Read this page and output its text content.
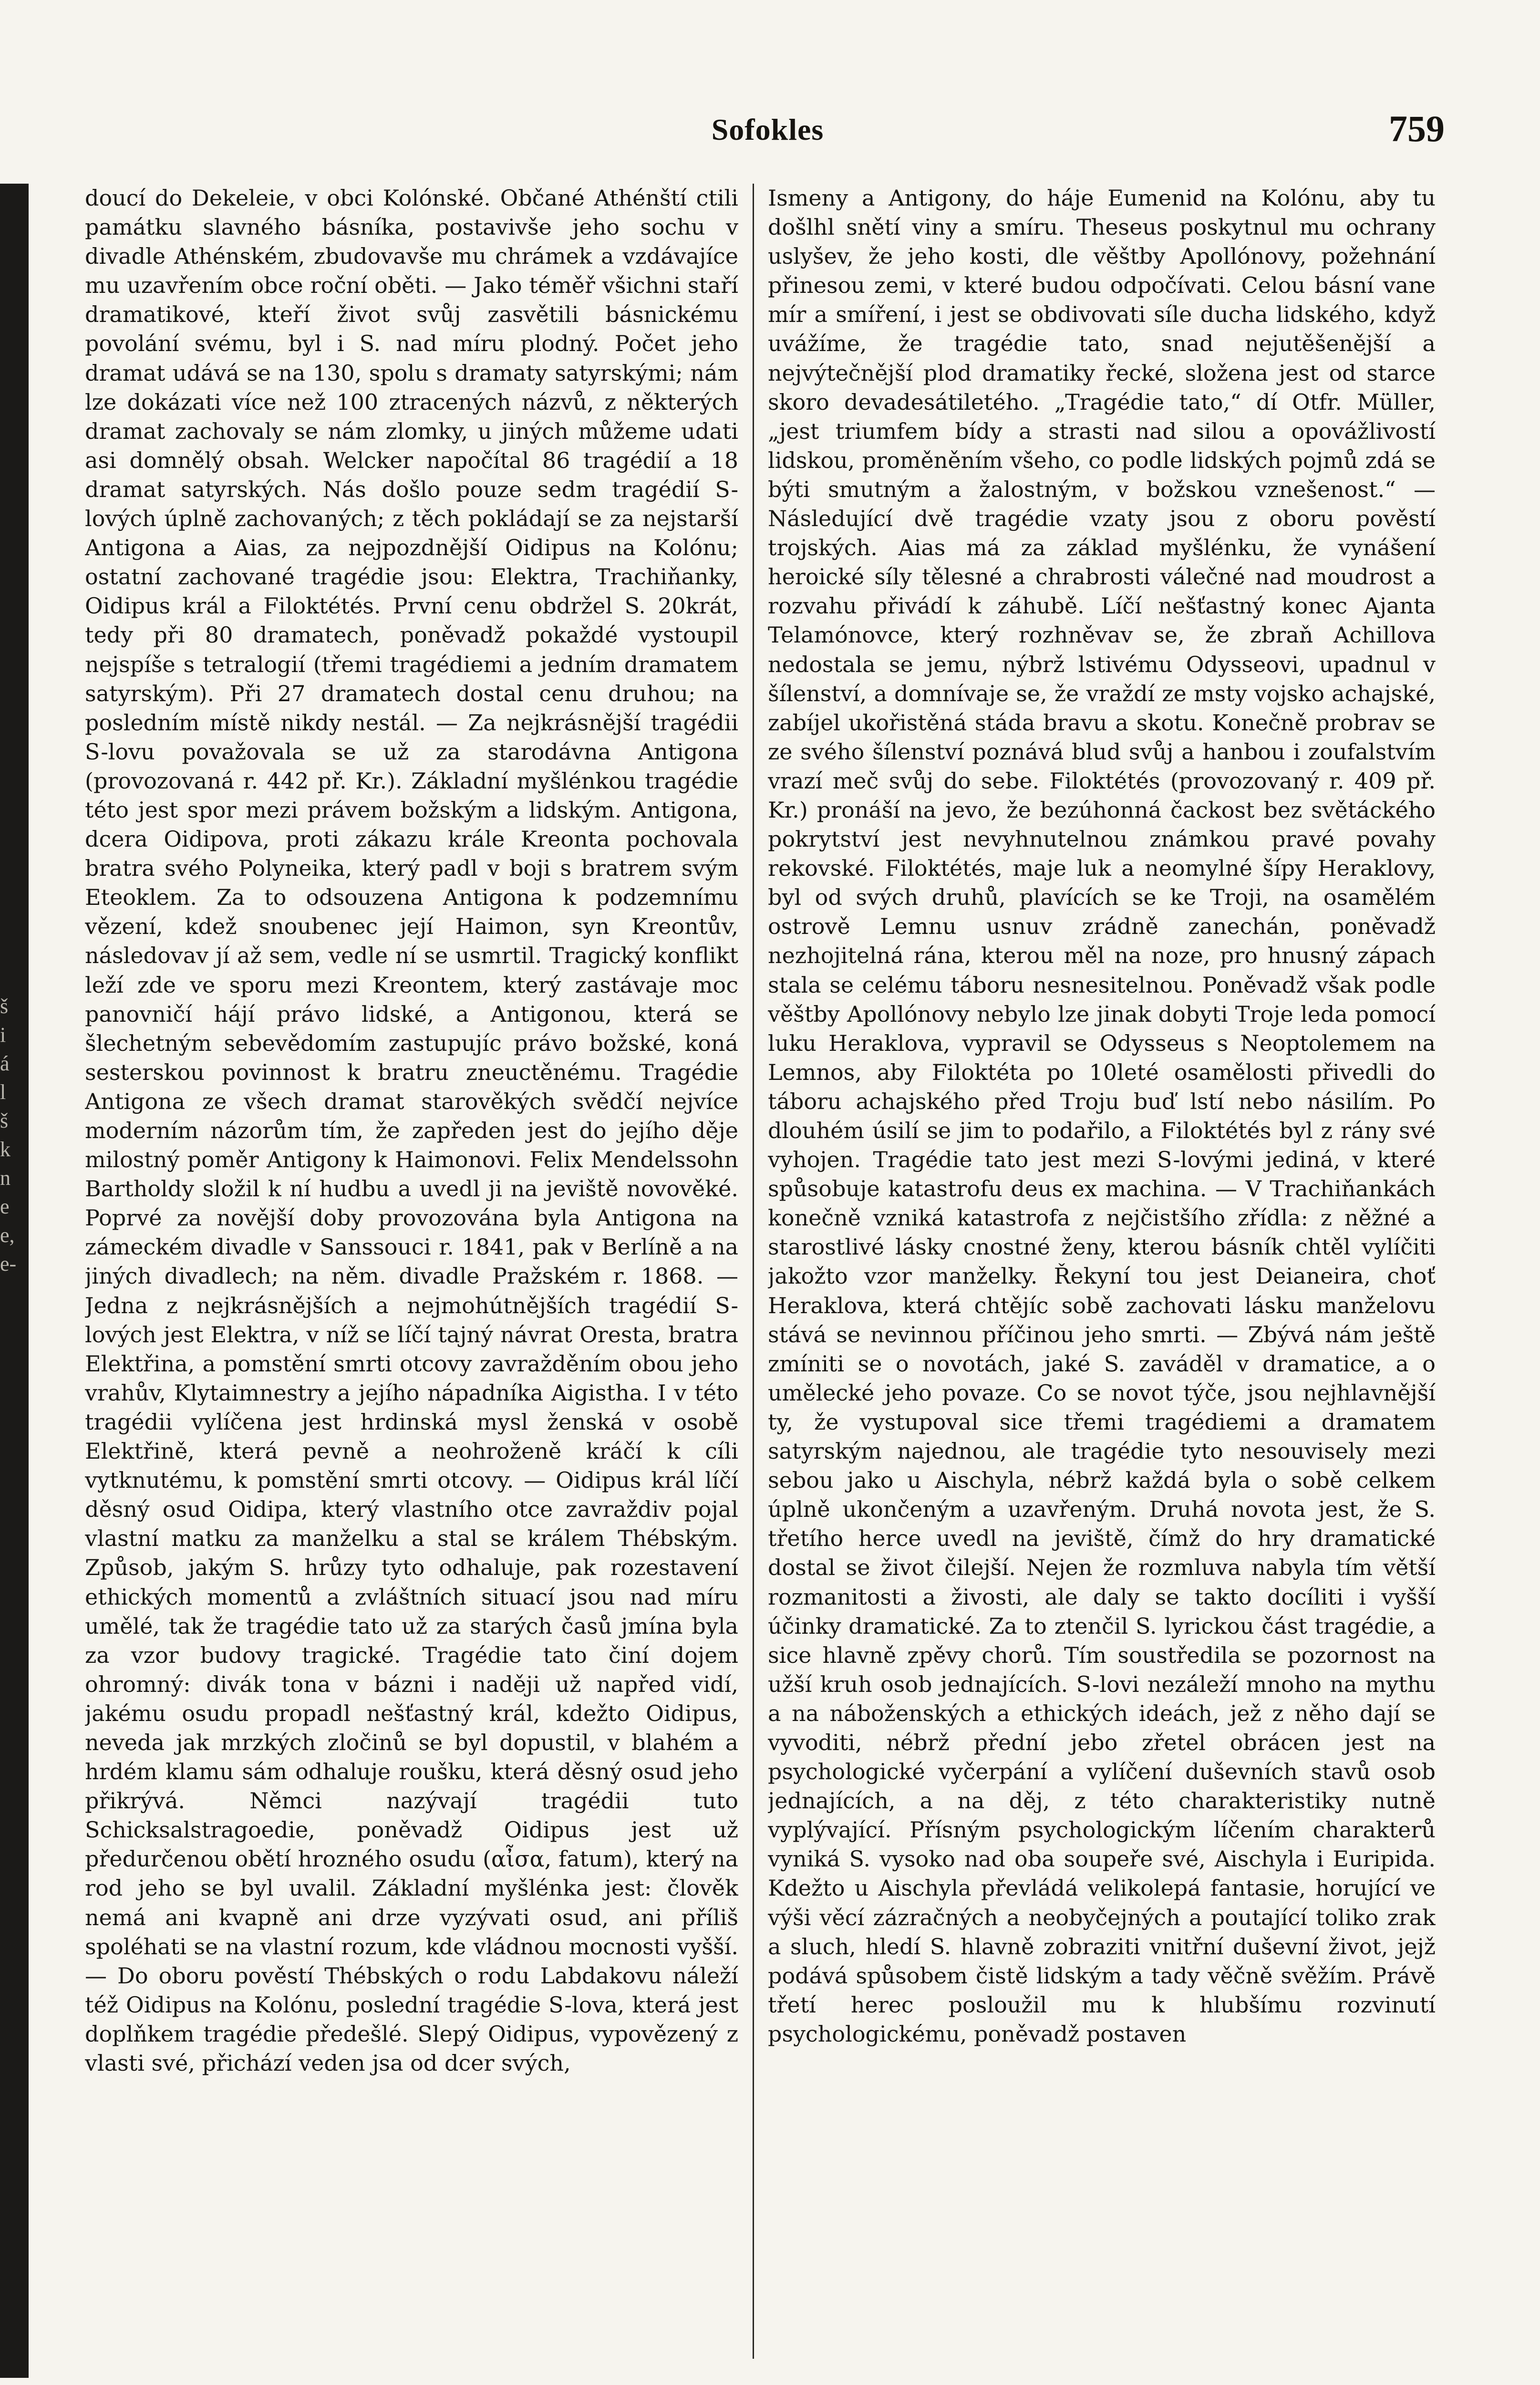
š
i
á
l
š
k
n
e
e,
e-
Sofokles	759

doucí do Dekeleie, v obci Kolónské. Občané Athénští ctili památku slavného básníka, postavivše jeho sochu v divadle Athénském, zbudovavše mu chrámek a vzdávajíce mu uzavřením obce roční oběti. — Jako téměř všichni staří dramatikové, kteří život svůj zasvětili básnickému povolání svému, byl i S. nad míru plodný. Počet jeho dramat udává se na 130, spolu s dramaty satyrskými; nám lze dokázati více než 100 ztracených názvů, z některých dramat zachovaly se nám zlomky, u jiných můžeme udati asi domnělý obsah. Welcker napočítal 86 tragédií a 18 dramat satyrských. Nás došlo pouze sedm tragédií S-lových úplně zachovaných; z těch pokládají se za nejstarší Antigona a Aias, za nejpozdnější Oidipus na Kolónu; ostatní zachované tragédie jsou: Elektra, Trachiňanky, Oidipus král a Filoktétés. První cenu obdržel S. 20krát, tedy při 80 dramatech, poněvadž pokaždé vystoupil nejspíše s tetralogií (třemi tragédiemi a jedním dramatem satyrským). Při 27 dramatech dostal cenu druhou; na posledním místě nikdy nestál. — Za nejkrásnější tragédii S-lovu považovala se už za starodávna Antigona (provozovaná r. 442 př. Kr.). Základní myšlénkou tragédie této jest spor mezi právem božským a lidským. Antigona, dcera Oidipova, proti zákazu krále Kreonta pochovala bratra svého Polyneika, který padl v boji s bratrem svým Eteoklem. Za to odsouzena Antigona k podzemnímu vězení, kdež snoubenec její Haimon, syn Kreontův, následovav jí až sem, vedle ní se usmrtil. Tragický konflikt leží zde ve sporu mezi Kreontem, který zastávaje moc panovničí hájí právo lidské, a Antigonou, která se šlechetným sebevědomím zastupujíc právo božské, koná sesterskou povinnost k bratru zneuctěnému. Tragédie Antigona ze všech dramat starověkých svědčí nejvíce moderním názorům tím, že zapředen jest do jejího děje milostný poměr Antigony k Haimonovi. Felix Mendelssohn Bartholdy složil k ní hudbu a uvedl ji na jeviště novověké. Poprvé za novější doby provozována byla Antigona na zámeckém divadle v Sanssouci r. 1841, pak v Berlíně a na jiných divadlech; na něm. divadle Pražském r. 1868. — Jedna z nejkrásnějších a nejmohútnějších tragédií S-lových jest Elektra, v níž se líčí tajný návrat Oresta, bratra Elektřina, a pomstění smrti otcovy zavražděním obou jeho vrahův, Klytaimnestry a jejího nápadníka Aigistha. I v této tragédii vylíčena jest hrdinská mysl ženská v osobě Elektřině, která pevně a neohroženě kráčí k cíli vytknutému, k pomstění smrti otcovy. — Oidipus král líčí děsný osud Oidipa, který vlastního otce zavraždiv pojal vlastní matku za manželku a stal se králem Thébským. Způsob, jakým S. hrůzy tyto odhaluje, pak rozestavení ethických momentů a zvláštních situací jsou nad míru umělé, tak že tragédie tato už za starých časů jmína byla za vzor budovy tragické. Tragédie tato činí dojem ohromný: divák tona v bázni i naději už napřed vidí, jakému osudu propadl nešťastný král, kdežto Oidipus, neveda jak mrzkých zločinů se byl dopustil, v blahém a hrdém klamu sám odhaluje roušku, která děsný osud jeho přikrývá. Němci nazývají tragédii tuto Schicksalstragoedie, poněvadž Oidipus jest už předurčenou obětí hrozného osudu (αἶσα, fatum), který na rod jeho se byl uvalil. Základní myšlénka jest: člověk nemá ani kvapně ani drze vyzývati osud, ani příliš spoléhati se na vlastní rozum, kde vládnou mocnosti vyšší. — Do oboru pověstí Thébských o rodu Labdakovu náleží též Oidipus na Kolónu, poslední tragédie S-lova, která jest doplňkem tragédie předešlé. Slepý Oidipus, vypovězený z vlasti své, přichází veden jsa od dcer svých,

Ismeny a Antigony, do háje Eumenid na Kolónu, aby tu došlhl snětí viny a smíru. Theseus poskytnul mu ochrany uslyšev, že jeho kosti, dle věštby Apollónovy, požehnání přinesou zemi, v které budou odpočívati. Celou básní vane mír a smíření, i jest se obdivovati síle ducha lidského, když uvážíme, že tragédie tato, snad nejutěšenější a nejvýtečnější plod dramatiky řecké, složena jest od starce skoro devadesátiletého. „Tragédie tato,“ dí Otfr. Müller, „jest triumfem bídy a strasti nad silou a opovážlivostí lidskou, proměněním všeho, co podle lidských pojmů zdá se býti smutným a žalostným, v božskou vznešenost.“ — Následující dvě tragédie vzaty jsou z oboru pověstí trojských. Aias má za základ myšlénku, že vynášení heroické síly tělesné a chrabrosti válečné nad moudrost a rozvahu přivádí k záhubě. Líčí nešťastný konec Ajanta Telamónovce, který rozhněvav se, že zbraň Achillova nedostala se jemu, nýbrž lstivému Odysseovi, upadnul v šílenství, a domnívaje se, že vraždí ze msty vojsko achajské, zabíjel ukořistěná stáda bravu a skotu. Konečně probrav se ze svého šílenství poznává blud svůj a hanbou i zoufalstvím vrazí meč svůj do sebe. Filoktétés (provozovaný r. 409 př. Kr.) pronáší na jevo, že bezúhonná čackost bez světáckého pokrytství jest nevyhnutelnou známkou pravé povahy rekovské. Filoktétés, maje luk a neomylné šípy Heraklovy, byl od svých druhů, plavících se ke Troji, na osamělém ostrově Lemnu usnuv zrádně zanechán, poněvadž nezhojitelná rána, kterou měl na noze, pro hnusný zápach stala se celému táboru nesnesitelnou. Poněvadž však podle věštby Apollónovy nebylo lze jinak dobyti Troje leda pomocí luku Heraklova, vypravil se Odysseus s Neoptolemem na Lemnos, aby Filoktéta po 10leté osamělosti přivedli do táboru achajského před Troju buď lstí nebo násilím. Po dlouhém úsilí se jim to podařilo, a Filoktétés byl z rány své vyhojen. Tragédie tato jest mezi S-lovými jediná, v které spůsobuje katastrofu deus ex machina. — V Trachiňankách konečně vzniká katastrofa z nejčistšího zřídla: z něžné a starostlivé lásky cnostné ženy, kterou básník chtěl vylíčiti jakožto vzor manželky. Řekyní tou jest Deianeira, choť Heraklova, která chtějíc sobě zachovati lásku manželovu stává se nevinnou příčinou jeho smrti. — Zbývá nám ještě zmíniti se o novotách, jaké S. zaváděl v dramatice, a o umělecké jeho povaze. Co se novot týče, jsou nejhlavnější ty, že vystupoval sice třemi tragédiemi a dramatem satyrským najednou, ale tragédie tyto nesouvisely mezi sebou jako u Aischyla, nébrž každá byla o sobě celkem úplně ukončeným a uzavřeným. Druhá novota jest, že S. třetího herce uvedl na jeviště, čímž do hry dramatické dostal se život čilejší. Nejen že rozmluva nabyla tím větší rozmanitosti a živosti, ale daly se takto docíliti i vyšší účinky dramatické. Za to ztenčil S. lyrickou část tragédie, a sice hlavně zpěvy chorů. Tím soustředila se pozornost na užší kruh osob jednajících. S-lovi nezáleží mnoho na mythu a na náboženských a ethických ideách, jež z něho dají se vyvoditi, nébrž přední jebo zřetel obrácen jest na psychologické vyčerpání a vylíčení duševních stavů osob jednajících, a na děj, z této charakteristiky nutně vyplývající. Přísným psychologickým líčením charakterů vyniká S. vysoko nad oba soupeře své, Aischyla i Euripida. Kdežto u Aischyla převládá velikolepá fantasie, horující ve výši věcí zázračných a neobyčejných a poutající toliko zrak a sluch, hledí S. hlavně zobraziti vnitřní duševní život, jejž podává spůsobem čistě lidským a tady věčně svěžím. Právě třetí herec posloužil mu k hlubšímu rozvinutí psychologickému, poněvadž postaven
